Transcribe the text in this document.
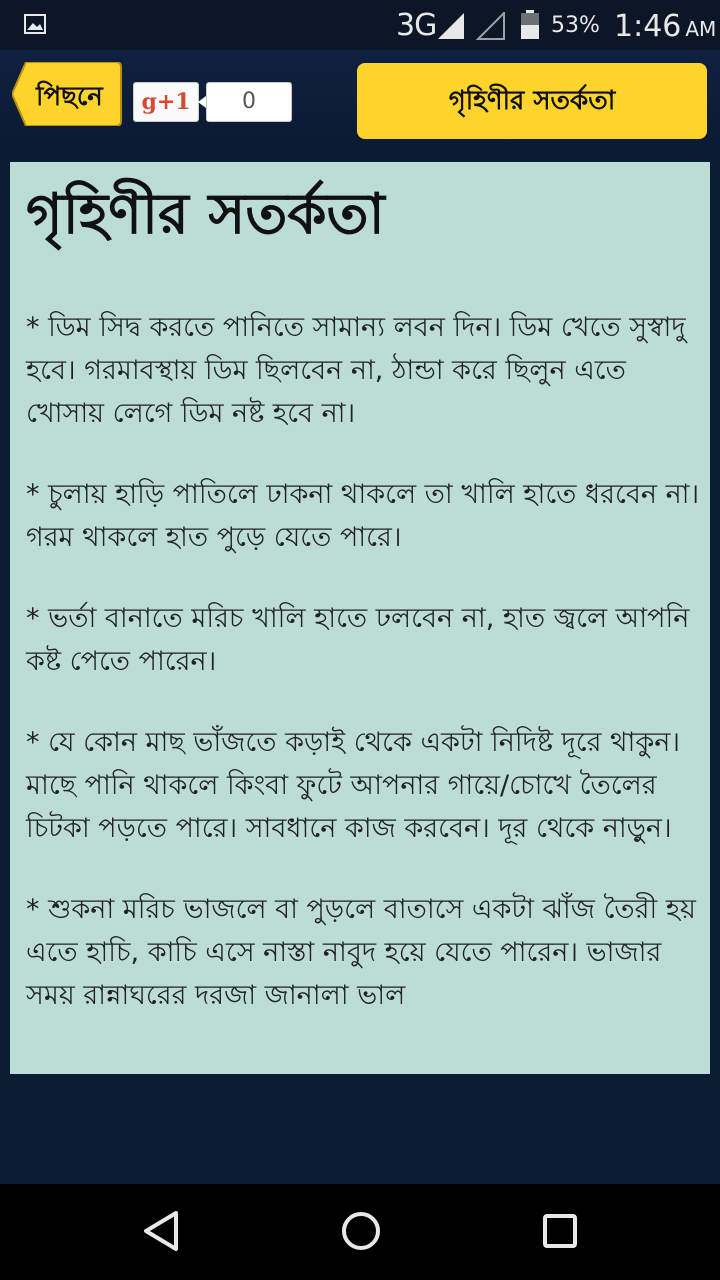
3G	53% 1:46 AM
পিছনে	g+1	0	গৃহিণীর সতর্কতা
গৃহিণীর সতর্কতা

* ডিম সিদ্ব করতে পানিতে সামান্য লবন দিন। ডিম খেতে সুস্বাদু হবে। গরমাবস্থায় ডিম ছিলবেন না, ঠান্ডা করে ছিলুন এতে খোসায় লেগে ডিম নষ্ট হবে না।

* চুলায় হাড়ি পাতিলে ঢাকনা থাকলে তা খালি হাতে ধরবেন না। গরম থাকলে হাত পুড়ে যেতে পারে।

* ভর্তা বানাতে মরিচ খালি হাতে ঢলবেন না, হাত জ্বলে আপনি কষ্ট পেতে পারেন।

* যে কোন মাছ ভাঁজতে কড়াই থেকে একটা নিদিষ্ট দূরে থাকুন। মাছে পানি থাকলে কিংবা ফুটে আপনার গায়ে/চোখে তৈলের চিটকা পড়তে পারে। সাবধানে কাজ করবেন। দূর থেকে নাড়ুন।

* শুকনা মরিচ ভাজলে বা পুড়লে বাতাসে একটা ঝাঁজ তৈরী হয় এতে হাচি, কাচি এসে নাস্তা নাবুদ হয়ে যেতে পারেন। ভাজার সময় রান্নাঘরের দরজা জানালা ভাল
